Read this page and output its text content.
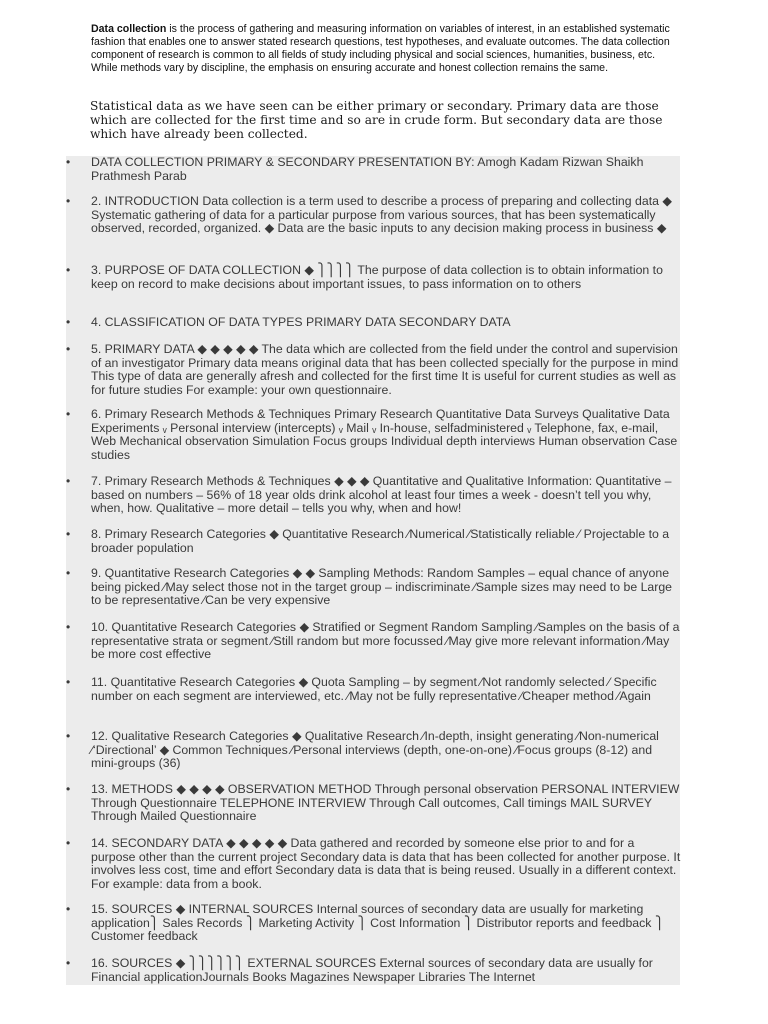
Data collection is the process of gathering and measuring information on variables of interest, in an established systematic fashion that enables one to answer stated research questions, test hypotheses, and evaluate outcomes. The data collection component of research is common to all fields of study including physical and social sciences, humanities, business, etc. While methods vary by discipline, the emphasis on ensuring accurate and honest collection remains the same.
Statistical data as we have seen can be either primary or secondary. Primary data are those which are collected for the first time and so are in crude form. But secondary data are those which have already been collected.
•	DATA COLLECTION PRIMARY & SECONDARY PRESENTATION BY: Amogh Kadam Rizwan Shaikh Prathmesh Parab
•	2. INTRODUCTION Data collection is a term used to describe a process of preparing and collecting data ◆ Systematic gathering of data for a particular purpose from various sources, that has been systematically observed, recorded, organized. ◆ Data are the basic inputs to any decision making process in business ◆
•	3. PURPOSE OF DATA COLLECTION ◆ ⎫⎫⎫⎫ The purpose of data collection is to obtain information to keep on record to make decisions about important issues, to pass information on to others
•	4. CLASSIFICATION OF DATA TYPES PRIMARY DATA SECONDARY DATA
•	5. PRIMARY DATA ◆ ◆ ◆ ◆ ◆ The data which are collected from the field under the control and supervision of an investigator Primary data means original data that has been collected specially for the purpose in mind This type of data are generally afresh and collected for the first time It is useful for current studies as well as for future studies For example: your own questionnaire.
•	6. Primary Research Methods & Techniques Primary Research Quantitative Data Surveys Qualitative Data Experiments ᵥ Personal interview (intercepts) ᵥ Mail ᵥ In-house, selfadministered ᵥ Telephone, fax, e-mail, Web Mechanical observation Simulation Focus groups Individual depth interviews Human observation Case studies
•	7. Primary Research Methods & Techniques ◆ ◆ ◆ Quantitative and Qualitative Information: Quantitative – based on numbers – 56% of 18 year olds drink alcohol at least four times a week - doesn’t tell you why, when, how. Qualitative – more detail – tells you why, when and how!
•	8. Primary Research Categories ◆ Quantitative Research ⁄Numerical ⁄Statistically reliable ⁄ Projectable to a broader population
•	9. Quantitative Research Categories ◆ ◆ Sampling Methods: Random Samples – equal chance of anyone being picked ⁄May select those not in the target group – indiscriminate ⁄Sample sizes may need to be Large to be representative ⁄Can be very expensive
•	10. Quantitative Research Categories ◆ Stratified or Segment Random Sampling ⁄Samples on the basis of a representative strata or segment ⁄Still random but more focussed ⁄May give more relevant information ⁄May be more cost effective
•	11. Quantitative Research Categories ◆ Quota Sampling – by segment ⁄Not randomly selected ⁄ Specific number on each segment are interviewed, etc. ⁄May not be fully representative ⁄Cheaper method ⁄Again
•	12. Qualitative Research Categories ◆ Qualitative Research ⁄In-depth, insight generating ⁄Non-numerical ⁄‘Directional’ ◆ Common Techniques ⁄Personal interviews (depth, one-on-one) ⁄Focus groups (8-12) and mini-groups (36)
•	13. METHODS ◆ ◆ ◆ ◆ OBSERVATION METHOD Through personal observation PERSONAL INTERVIEW Through Questionnaire TELEPHONE INTERVIEW Through Call outcomes, Call timings MAIL SURVEY Through Mailed Questionnaire
•	14. SECONDARY DATA ◆ ◆ ◆ ◆ ◆ Data gathered and recorded by someone else prior to and for a purpose other than the current project Secondary data is data that has been collected for another purpose. It involves less cost, time and effort Secondary data is data that is being reused. Usually in a different context. For example: data from a book.
•	15. SOURCES ◆ INTERNAL SOURCES Internal sources of secondary data are usually for marketing application⎫ Sales Records ⎫ Marketing Activity ⎫ Cost Information ⎫ Distributor reports and feedback ⎫ Customer feedback
•	16. SOURCES ◆ ⎫⎫⎫⎫⎫⎫ EXTERNAL SOURCES External sources of secondary data are usually for Financial applicationJournals Books Magazines Newspaper Libraries The Internet
